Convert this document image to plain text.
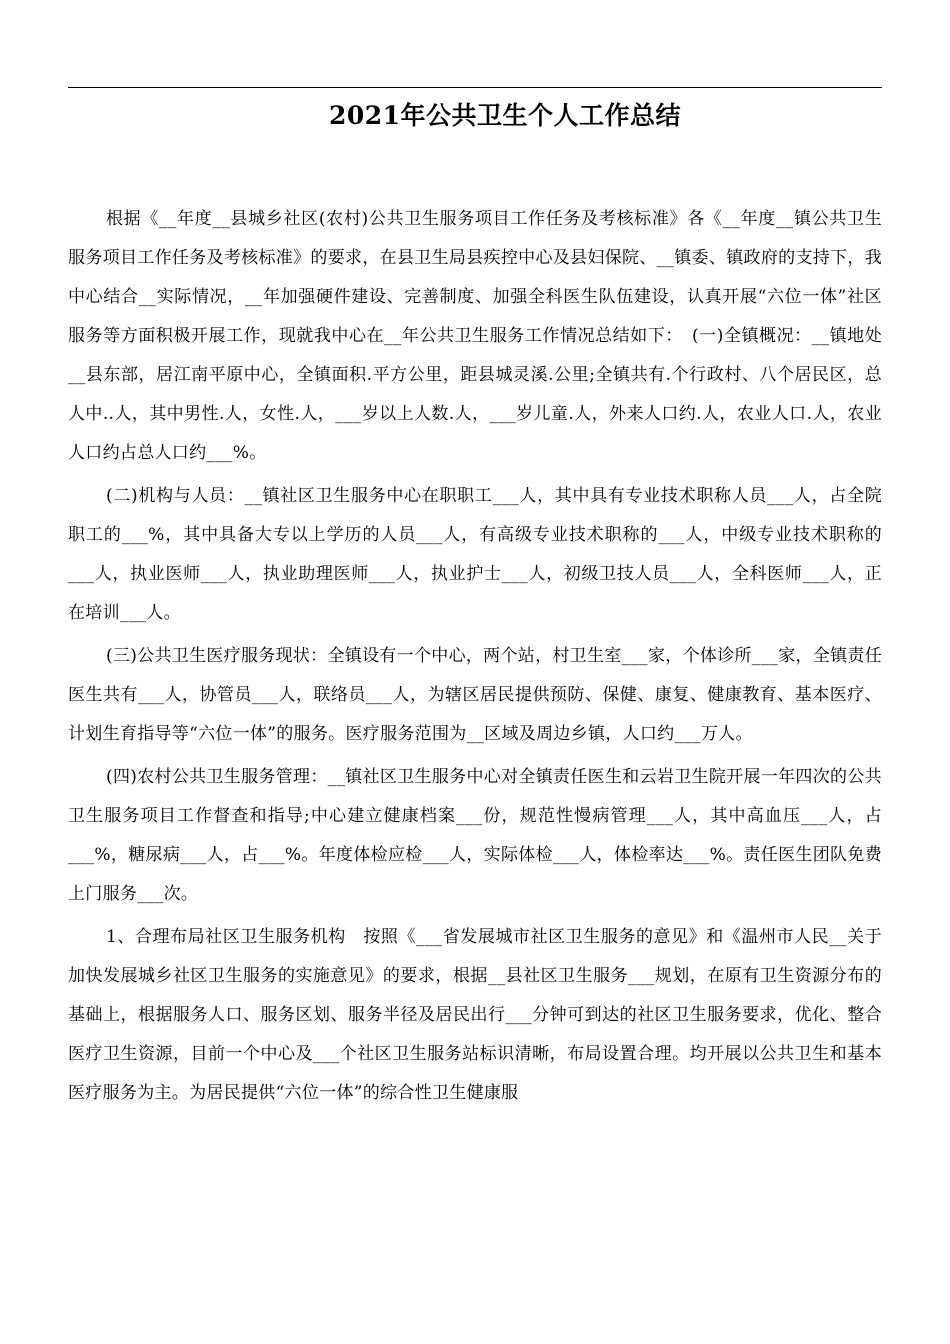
2021年公共卫生个人工作总结

根据《__年度__县城乡社区(农村)公共卫生服务项目工作任务及考核标准》各《__年度__镇公共卫生服务项目工作任务及考核标准》的要求，在县卫生局县疾控中心及县妇保院、__镇委、镇政府的支持下，我中心结合__实际情况，__年加强硬件建设、完善制度、加强全科医生队伍建设，认真开展“六位一体”社区服务等方面积极开展工作，现就我中心在__年公共卫生服务工作情况总结如下：　(一)全镇概况：__镇地处__县东部，居江南平原中心，全镇面积.平方公里，距县城灵溪.公里;全镇共有.个行政村、八个居民区，总人中..人，其中男性.人，女性.人，___岁以上人数.人，___岁儿童.人，外来人口约.人，农业人口.人，农业人口约占总人口约___%。

(二)机构与人员：__镇社区卫生服务中心在职职工___人，其中具有专业技术职称人员___人，占全院职工的___%，其中具备大专以上学历的人员___人，有高级专业技术职称的___人，中级专业技术职称的___人，执业医师___人，执业助理医师___人，执业护士___人，初级卫技人员___人，全科医师___人，正在培训___人。

(三)公共卫生医疗服务现状：全镇设有一个中心，两个站，村卫生室___家，个体诊所___家，全镇责任医生共有___人，协管员___人，联络员___人，为辖区居民提供预防、保健、康复、健康教育、基本医疗、计划生育指导等“六位一体”的服务。医疗服务范围为__区域及周边乡镇，人口约___万人。

(四)农村公共卫生服务管理：__镇社区卫生服务中心对全镇责任医生和云岩卫生院开展一年四次的公共卫生服务项目工作督查和指导;中心建立健康档案___份，规范性慢病管理___人，其中高血压___人，占___%，糖尿病___人，占___%。年度体检应检___人，实际体检___人，体检率达___%。责任医生团队免费上门服务___次。

1、合理布局社区卫生服务机构　按照《___省发展城市社区卫生服务的意见》和《温州市人民__关于加快发展城乡社区卫生服务的实施意见》的要求，根据__县社区卫生服务___规划，在原有卫生资源分布的基础上，根据服务人口、服务区划、服务半径及居民出行___分钟可到达的社区卫生服务要求，优化、整合医疗卫生资源，目前一个中心及___个社区卫生服务站标识清晰，布局设置合理。均开展以公共卫生和基本医疗服务为主。为居民提供“六位一体”的综合性卫生健康服
